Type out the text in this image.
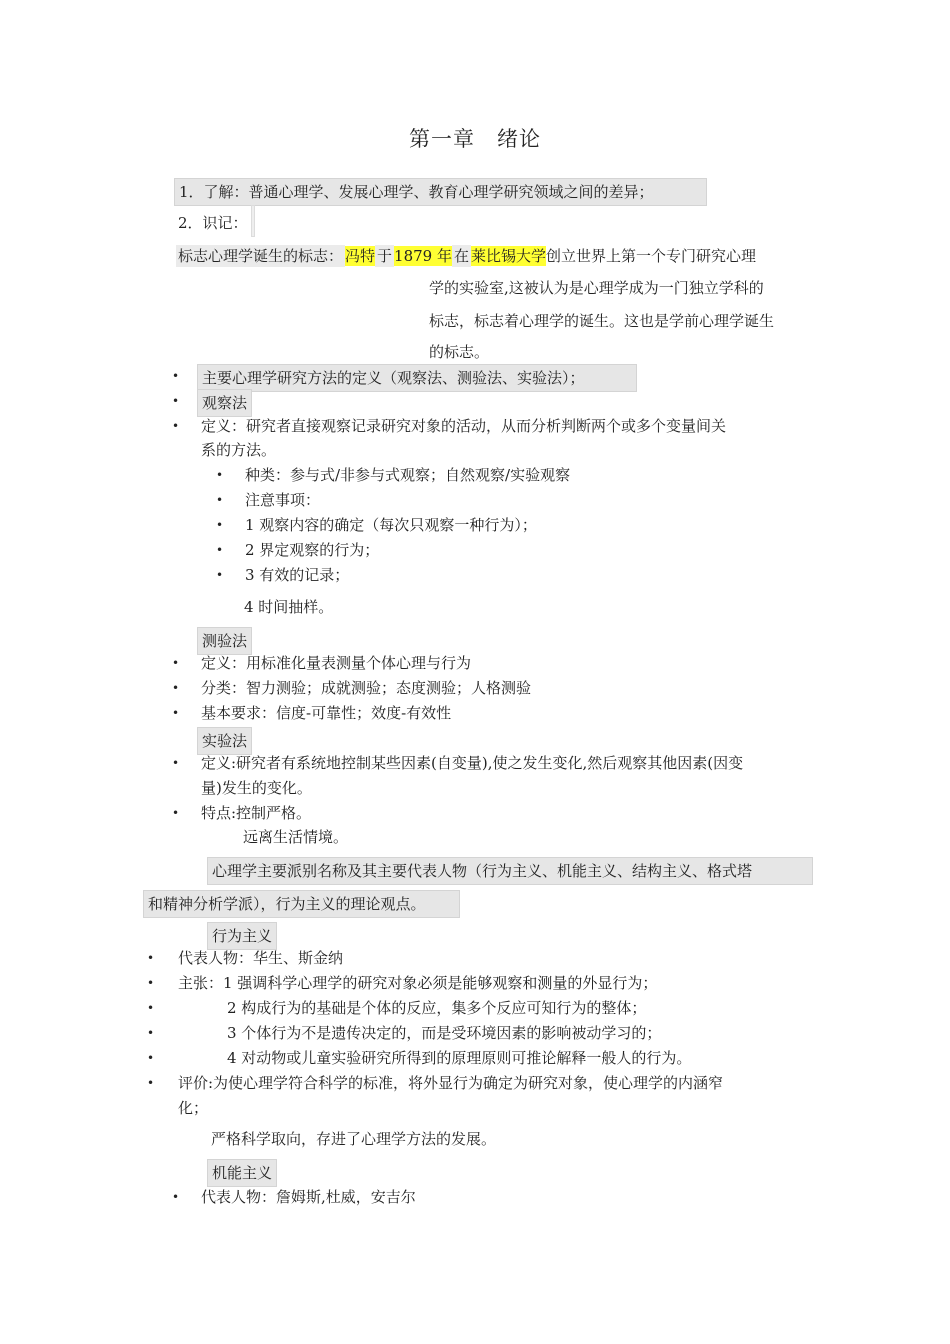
第一章　绪论
1．了解：普通心理学、发展心理学、教育心理学研究领域之间的差异；
2．识记：
标志心理学诞生的标志： 冯特 于 1879 年 在 莱比锡大学创立世界上第一个专门研究心理
学的实验室,这被认为是心理学成为一门独立学科的
标志，标志着心理学的诞生。这也是学前心理学诞生
的标志。
•	主要心理学研究方法的定义（观察法、测验法、实验法）；
•	观察法
• 定义：研究者直接观察记录研究对象的活动，从而分析判断两个或多个变量间关
系的方法。
• 种类：参与式/非参与式观察；自然观察/实验观察
• 注意事项：
• 1 观察内容的确定（每次只观察一种行为）；
• 2 界定观察的行为；
• 3 有效的记录；
4 时间抽样。
测验法
• 定义：用标准化量表测量个体心理与行为
• 分类：智力测验；成就测验；态度测验；人格测验
• 基本要求：信度-可靠性；效度-有效性
实验法
• 定义:研究者有系统地控制某些因素(自变量),使之发生变化,然后观察其他因素(因变
量)发生的变化。
• 特点:控制严格。
远离生活情境。
心理学主要派别名称及其主要代表人物（行为主义、机能主义、结构主义、格式塔
和精神分析学派），行为主义的理论观点。
行为主义
• 代表人物：华生、斯金纳
• 主张：1 强调科学心理学的研究对象必须是能够观察和测量的外显行为；
•	2 构成行为的基础是个体的反应，集多个反应可知行为的整体；
•	3 个体行为不是遗传决定的，而是受环境因素的影响被动学习的；
•	4 对动物或儿童实验研究所得到的原理原则可推论解释一般人的行为。
• 评价:为使心理学符合科学的标准，将外显行为确定为研究对象，使心理学的内涵窄
化；
严格科学取向，存进了心理学方法的发展。
机能主义
• 代表人物：詹姆斯,杜威，安吉尔
